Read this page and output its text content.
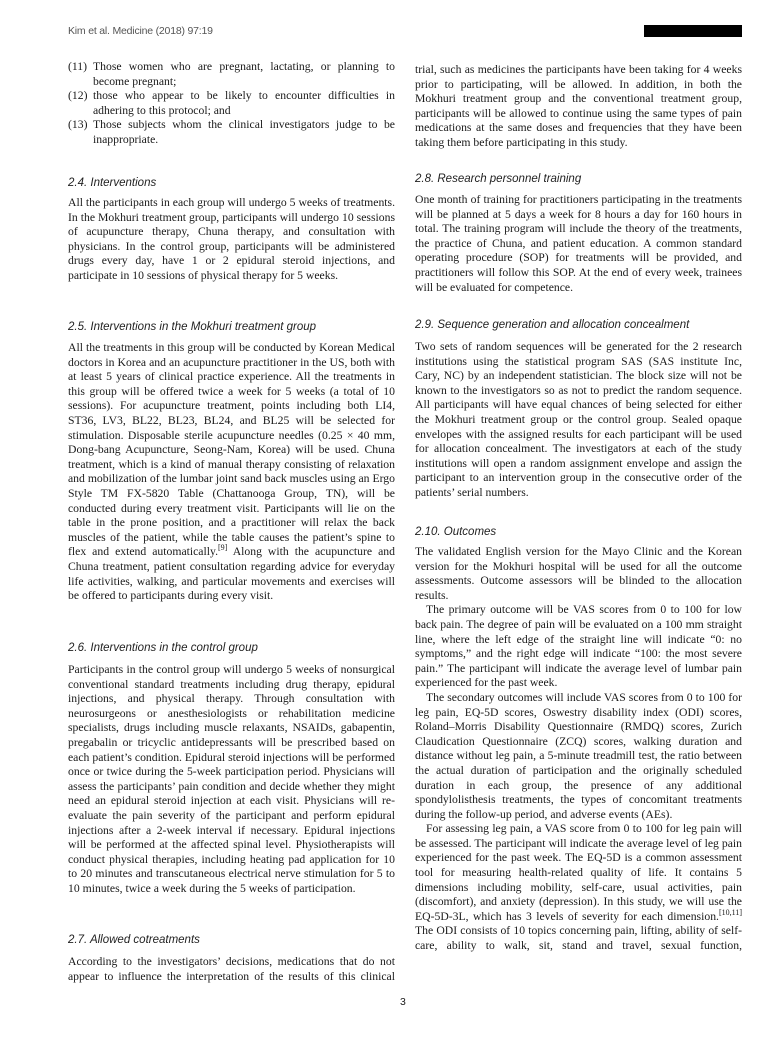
Kim et al. Medicine (2018) 97:19
(11) Those women who are pregnant, lactating, or planning to become pregnant;
(12) those who appear to be likely to encounter difficulties in adhering to this protocol; and
(13) Those subjects whom the clinical investigators judge to be inappropriate.
2.4. Interventions

All the participants in each group will undergo 5 weeks of treatments. In the Mokhuri treatment group, participants will undergo 10 sessions of acupuncture therapy, Chuna therapy, and consultation with physicians. In the control group, participants will be administered drugs every day, have 1 or 2 epidural steroid injections, and participate in 10 sessions of physical therapy for 5 weeks.

2.5. Interventions in the Mokhuri treatment group

All the treatments in this group will be conducted by Korean Medical doctors in Korea and an acupuncture practitioner in the US, both with at least 5 years of clinical practice experience. All the treatments in this group will be offered twice a week for 5 weeks (a total of 10 sessions). For acupuncture treatment, points including both LI4, ST36, LV3, BL22, BL23, BL24, and BL25 will be selected for stimulation. Disposable sterile acupuncture needles (0.25 × 40 mm, Dong-bang Acupuncture, Seong-Nam, Korea) will be used. Chuna treatment, which is a kind of manual therapy consisting of relaxation and mobilization of the lumbar joint sand back muscles using an Ergo Style TM FX-5820 Table (Chattanooga Group, TN), will be conducted during every treatment visit. Participants will lie on the table in the prone position, and a practitioner will relax the back muscles of the patient, while the table causes the patient’s spine to flex and extend automatically.[9] Along with the acupuncture and Chuna treatment, patient consultation regarding advice for everyday life activities, walking, and particular movements and exercises will be offered to participants during every visit.

2.6. Interventions in the control group

Participants in the control group will undergo 5 weeks of nonsurgical conventional standard treatments including drug therapy, epidural injections, and physical therapy. Through consultation with neurosurgeons or anesthesiologists or rehabilitation medicine specialists, drugs including muscle relaxants, NSAIDs, gabapentin, pregabalin or tricyclic antidepressants will be prescribed based on each patient’s condition. Epidural steroid injections will be performed once or twice during the 5-week participation period. Physicians will assess the participants’ pain condition and decide whether they might need an epidural steroid injection at each visit. Physicians will re-evaluate the pain severity of the participant and perform epidural injections after a 2-week interval if necessary. Epidural injections will be performed at the affected spinal level. Physiotherapists will conduct physical therapies, including heating pad application for 10 to 20 minutes and transcutaneous electrical nerve stimulation for 5 to 10 minutes, twice a week during the 5 weeks of participation.

2.7. Allowed cotreatments

According to the investigators’ decisions, medications that do not appear to influence the interpretation of the results of this clinical

trial, such as medicines the participants have been taking for 4 weeks prior to participating, will be allowed. In addition, in both the Mokhuri treatment group and the conventional treatment group, participants will be allowed to continue using the same types of pain medications at the same doses and frequencies that they have been taking them before participating in this study.

2.8. Research personnel training

One month of training for practitioners participating in the treatments will be planned at 5 days a week for 8 hours a day for 160 hours in total. The training program will include the theory of the treatments, the practice of Chuna, and patient education. A common standard operating procedure (SOP) for treatments will be provided, and practitioners will follow this SOP. At the end of every week, trainees will be evaluated for competence.

2.9. Sequence generation and allocation concealment

Two sets of random sequences will be generated for the 2 research institutions using the statistical program SAS (SAS institute Inc, Cary, NC) by an independent statistician. The block size will not be known to the investigators so as not to predict the random sequence. All participants will have equal chances of being selected for either the Mokhuri treatment group or the control group. Sealed opaque envelopes with the assigned results for each participant will be used for allocation concealment. The investigators at each of the study institutions will open a random assignment envelope and assign the participant to an intervention group in the consecutive order of the patients’ serial numbers.

2.10. Outcomes

The validated English version for the Mayo Clinic and the Korean version for the Mokhuri hospital will be used for all the outcome assessments. Outcome assessors will be blinded to the allocation results.

The primary outcome will be VAS scores from 0 to 100 for low back pain. The degree of pain will be evaluated on a 100 mm straight line, where the left edge of the straight line will indicate “0: no symptoms,” and the right edge will indicate “100: the most severe pain.” The participant will indicate the average level of lumbar pain experienced for the past week.

The secondary outcomes will include VAS scores from 0 to 100 for leg pain, EQ-5D scores, Oswestry disability index (ODI) scores, Roland–Morris Disability Questionnaire (RMDQ) scores, Zurich Claudication Questionnaire (ZCQ) scores, walking duration and distance without leg pain, a 5-minute treadmill test, the ratio between the actual duration of participation and the originally scheduled duration in each group, the presence of any additional spondylolisthesis treatments, the types of concomitant treatments during the follow-up period, and adverse events (AEs).

For assessing leg pain, a VAS score from 0 to 100 for leg pain will be assessed. The participant will indicate the average level of leg pain experienced for the past week. The EQ-5D is a common assessment tool for measuring health-related quality of life. It contains 5 dimensions including mobility, self-care, usual activities, pain (discomfort), and anxiety (depression). In this study, we will use the EQ-5D-3L, which has 3 levels of severity for each dimension.[10,11] The ODI consists of 10 topics concerning pain, lifting, ability of self-care, ability to walk, sit, stand and travel, sexual function,

3
